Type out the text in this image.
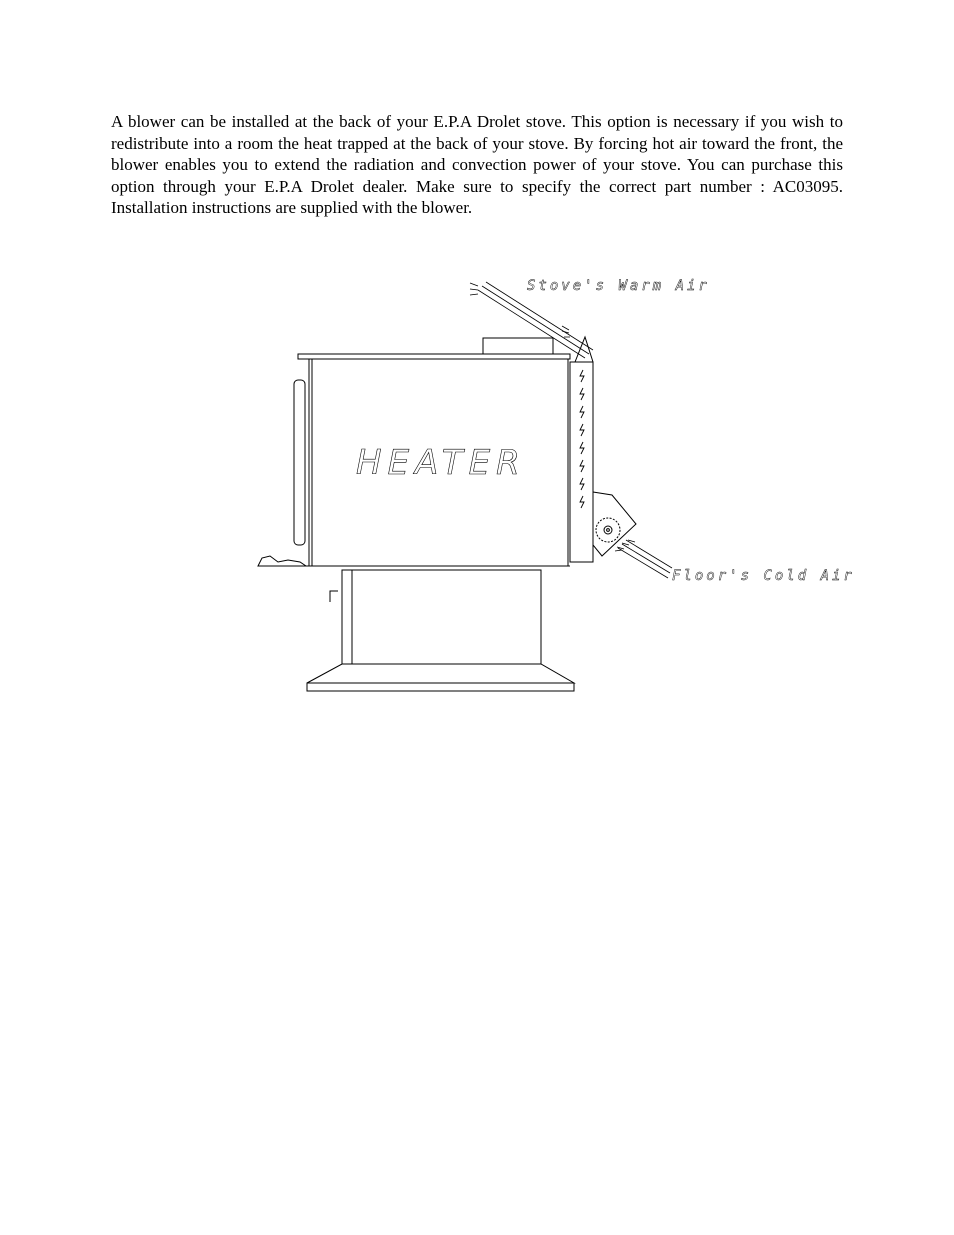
A blower can be installed at the back of your E.P.A Drolet stove. This option is necessary if you wish to redistribute into a room the heat trapped at the back of your stove. By forcing hot air toward the front, the blower enables you to extend the radiation and convection power of your stove. You can purchase this option through your E.P.A Drolet dealer. Make sure to specify the correct part number : AC03095. Installation instructions are supplied with the blower.

HEATER
Stove's Warm Air
Floor's Cold Air
